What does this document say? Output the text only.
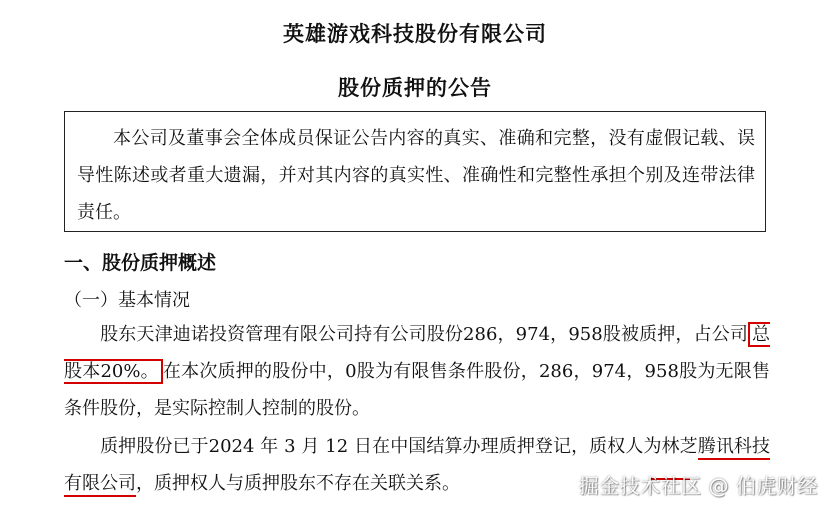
英雄游戏科技股份有限公司
股份质押的公告
本公司及董事会全体成员保证公告内容的真实、准确和完整，没有虚假记载、误导性陈述或者重大遗漏，并对其内容的真实性、准确性和完整性承担个别及连带法律责任。
一、股份质押概述
（一）基本情况
股东天津迪诺投资管理有限公司持有公司股份286，974，958股被质押，占公司 总股本20%。 在本次质押的股份中，0股为有限售条件股份，286，974，958股为无限售条件股份，是实际控制人控制的股份。
质押股份已于2024 年 3 月 12 日在中国结算办理质押登记，质权人为林芝腾讯科技有限公司，质押权人与质押股东不存在关联关系。	掘金技术社区 @ 伯虎财经
